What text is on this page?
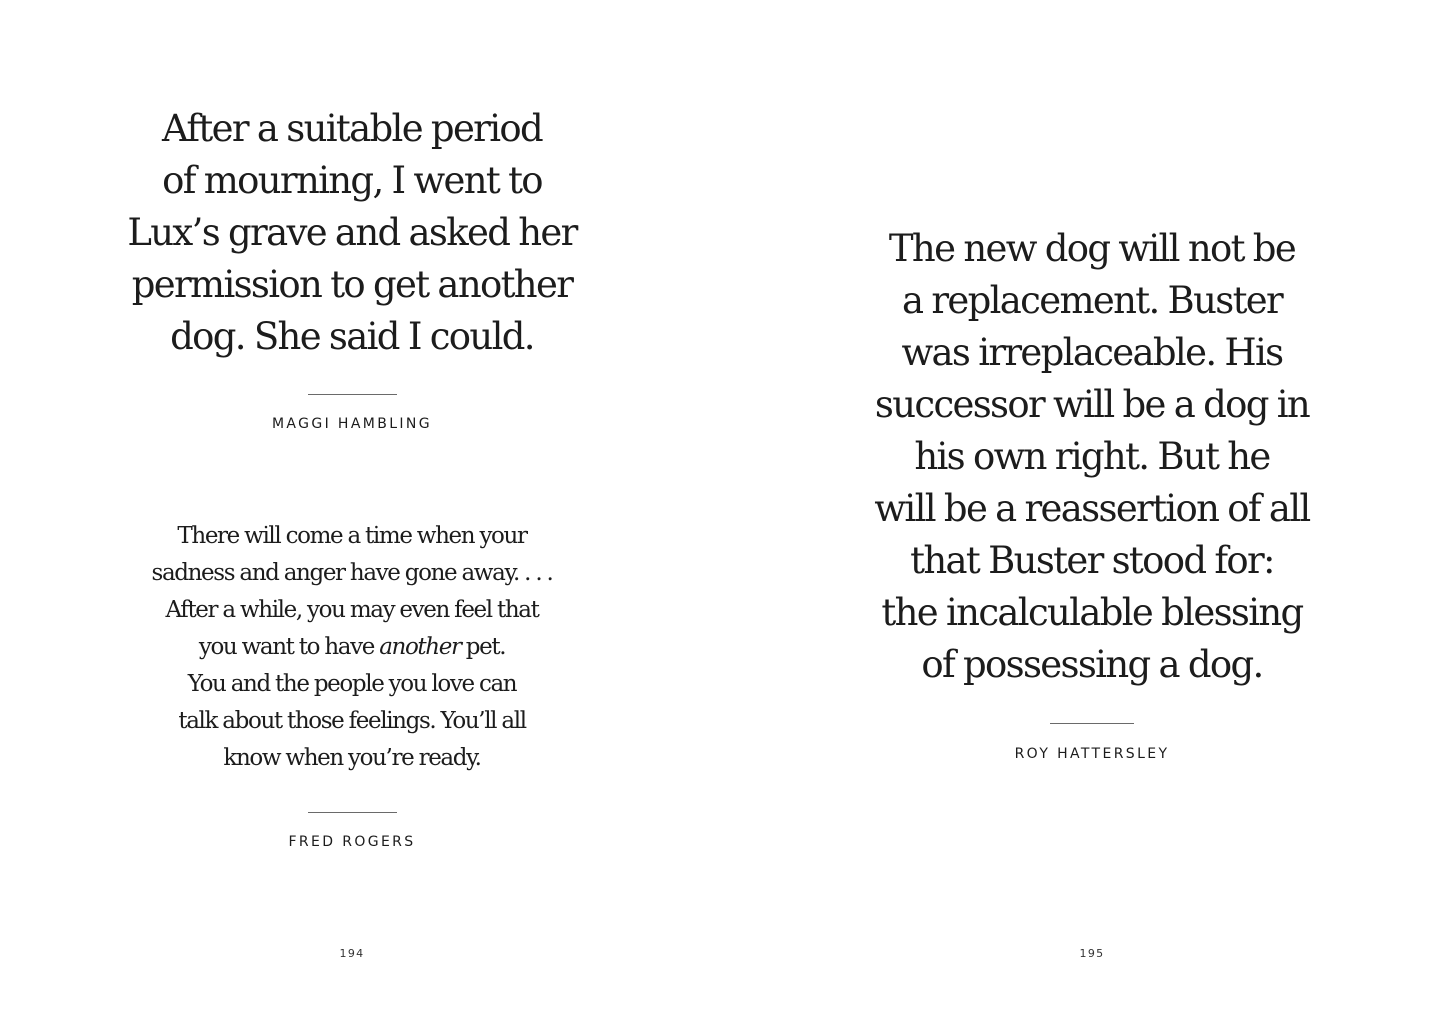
After a suitable period
of mourning, I went to
Lux’s grave and asked her
permission to get another
dog. She said I could.

MAGGI HAMBLING

There will come a time when your
sadness and anger have gone away. . . .
After a while, you may even feel that
you want to have another pet.
You and the people you love can
talk about those feelings. You’ll all
know when you’re ready.

FRED ROGERS

194

The new dog will not be
a replacement. Buster
was irreplaceable. His
successor will be a dog in
his own right. But he
will be a reassertion of all
that Buster stood for:
the incalculable blessing
of possessing a dog.

ROY HATTERSLEY

195
